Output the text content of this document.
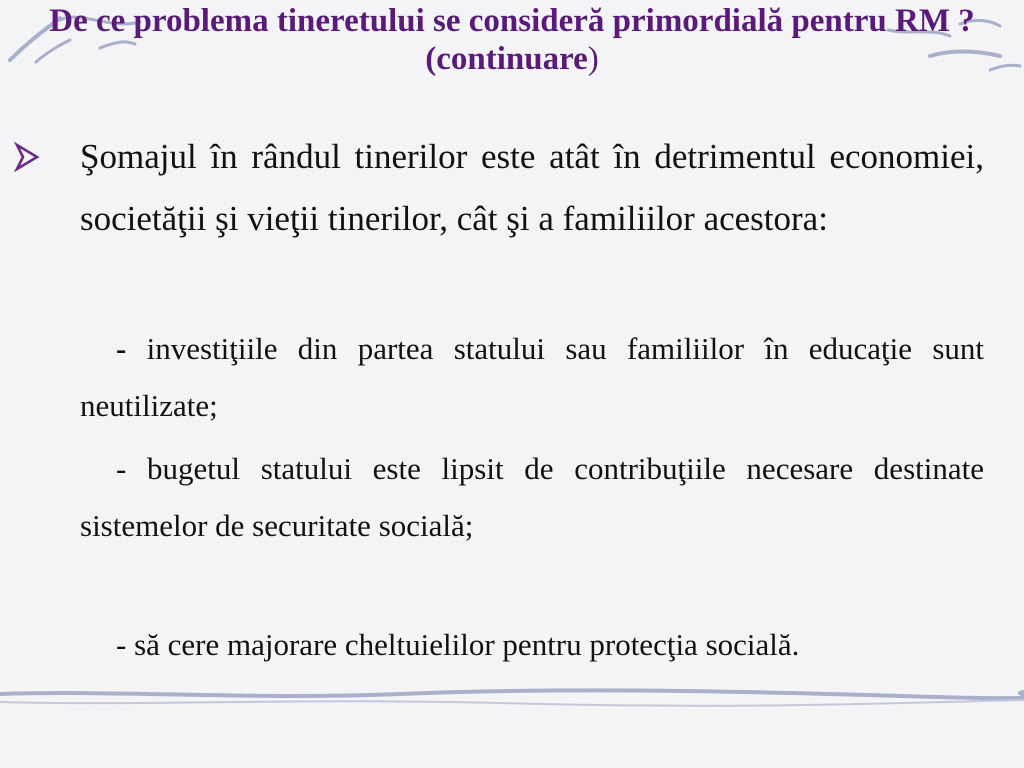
De ce problema tineretului se consideră primordială pentru RM ?(continuare)

Şomajul în rândul tinerilor este atât în detrimentul economiei, societăţii şi vieţii tinerilor, cât şi a familiilor acestora:

- investiţiile din partea statului sau familiilor în educaţie sunt neutilizate;

- bugetul statului este lipsit de contribuţiile necesare destinate sistemelor de securitate socială;

- să cere majorare cheltuielilor pentru protecţia socială.
